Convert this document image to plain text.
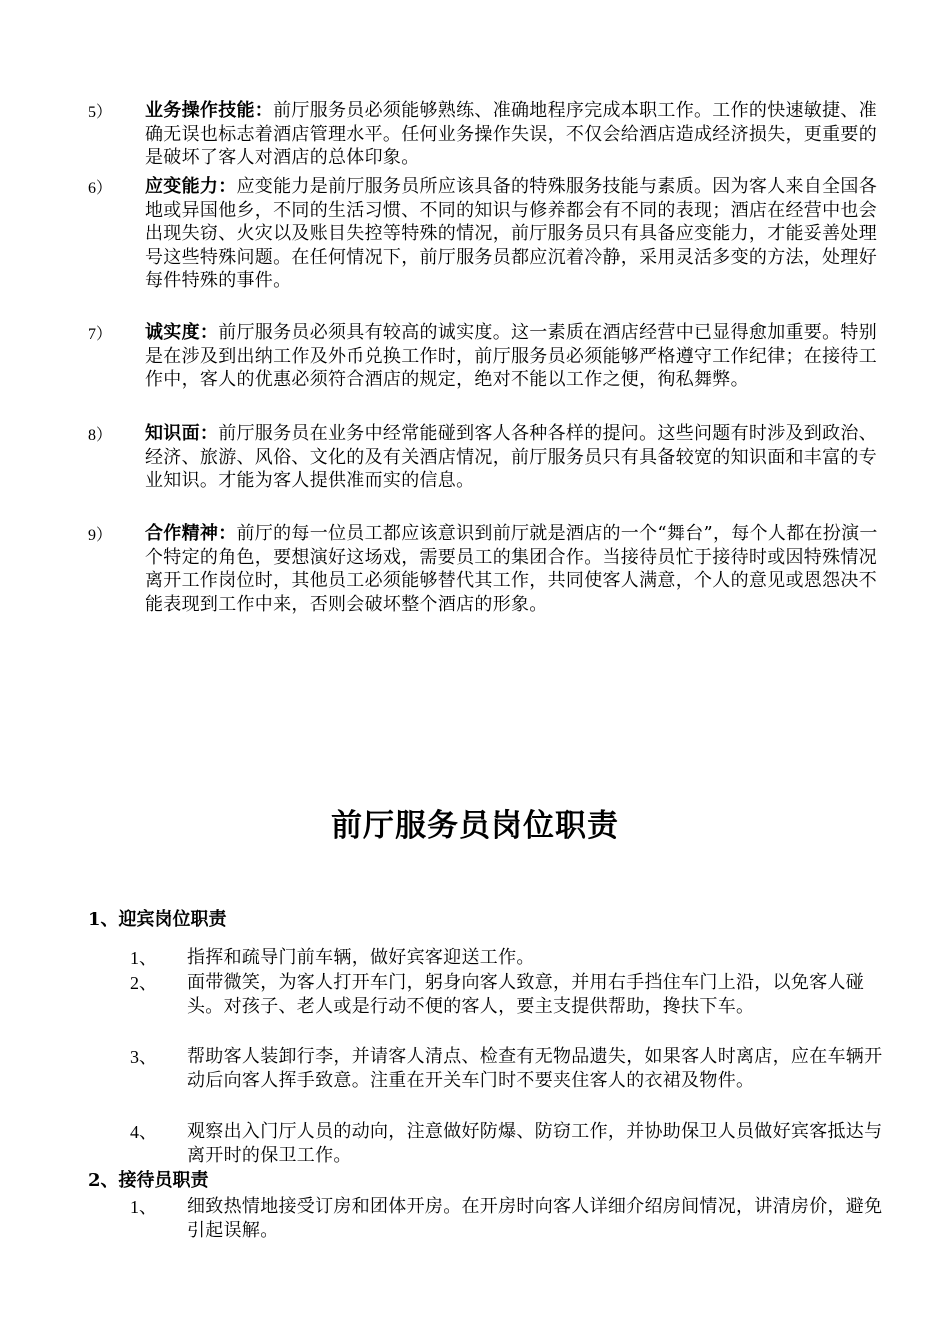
5） 业务操作技能：前厅服务员必须能够熟练、准确地程序完成本职工作。工作的快速敏捷、准确无误也标志着酒店管理水平。任何业务操作失误，不仅会给酒店造成经济损失，更重要的是破坏了客人对酒店的总体印象。
6） 应变能力：应变能力是前厅服务员所应该具备的特殊服务技能与素质。因为客人来自全国各地或异国他乡，不同的生活习惯、不同的知识与修养都会有不同的表现；酒店在经营中也会出现失窃、火灾以及账目失控等特殊的情况，前厅服务员只有具备应变能力，才能妥善处理号这些特殊问题。在任何情况下，前厅服务员都应沉着冷静，采用灵活多变的方法，处理好每件特殊的事件。
7） 诚实度：前厅服务员必须具有较高的诚实度。这一素质在酒店经营中已显得愈加重要。特别是在涉及到出纳工作及外币兑换工作时，前厅服务员必须能够严格遵守工作纪律；在接待工作中，客人的优惠必须符合酒店的规定，绝对不能以工作之便，徇私舞弊。
8） 知识面：前厅服务员在业务中经常能碰到客人各种各样的提问。这些问题有时涉及到政治、经济、旅游、风俗、文化的及有关酒店情况，前厅服务员只有具备较宽的知识面和丰富的专业知识。才能为客人提供准而实的信息。
9） 合作精神：前厅的每一位员工都应该意识到前厅就是酒店的一个“舞台”，每个人都在扮演一个特定的角色，要想演好这场戏，需要员工的集团合作。当接待员忙于接待时或因特殊情况离开工作岗位时，其他员工必须能够替代其工作，共同使客人满意，个人的意见或恩怨决不能表现到工作中来，否则会破坏整个酒店的形象。
前厅服务员岗位职责
1、迎宾岗位职责
1、 指挥和疏导门前车辆，做好宾客迎送工作。
2、 面带微笑，为客人打开车门，躬身向客人致意，并用右手挡住车门上沿，以免客人碰头。对孩子、老人或是行动不便的客人，要主支提供帮助，搀扶下车。
3、 帮助客人装卸行李，并请客人清点、检查有无物品遗失，如果客人时离店，应在车辆开动后向客人挥手致意。注重在开关车门时不要夹住客人的衣裙及物件。
4、 观察出入门厅人员的动向，注意做好防爆、防窃工作，并协助保卫人员做好宾客抵达与离开时的保卫工作。
2、接待员职责
1、 细致热情地接受订房和团体开房。在开房时向客人详细介绍房间情况，讲清房价，避免引起误解。
